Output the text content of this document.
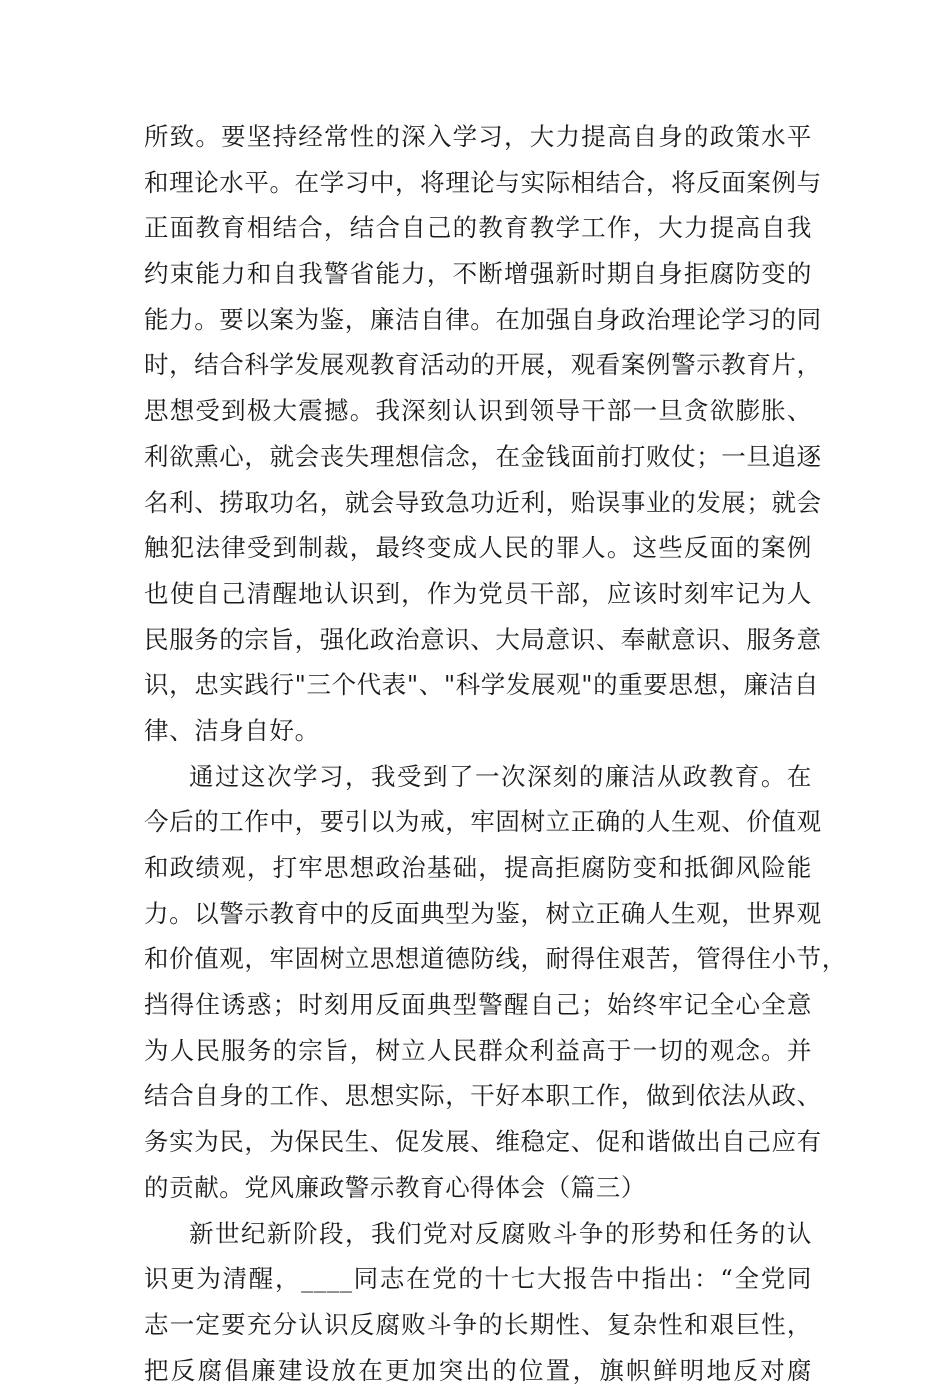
所致。要坚持经常性的深入学习，大力提高自身的政策水平
和理论水平。在学习中，将理论与实际相结合，将反面案例与
正面教育相结合，结合自己的教育教学工作，大力提高自我
约束能力和自我警省能力，不断增强新时期自身拒腐防变的
能力。要以案为鉴，廉洁自律。在加强自身政治理论学习的同
时，结合科学发展观教育活动的开展，观看案例警示教育片，
思想受到极大震撼。我深刻认识到领导干部一旦贪欲膨胀、
利欲熏心，就会丧失理想信念，在金钱面前打败仗；一旦追逐
名利、捞取功名，就会导致急功近利，贻误事业的发展；就会
触犯法律受到制裁，最终变成人民的罪人。这些反面的案例
也使自己清醒地认识到，作为党员干部，应该时刻牢记为人
民服务的宗旨，强化政治意识、大局意识、奉献意识、服务意
识，忠实践行"三个代表"、"科学发展观"的重要思想，廉洁自
律、洁身自好。
通过这次学习，我受到了一次深刻的廉洁从政教育。在
今后的工作中，要引以为戒，牢固树立正确的人生观、价值观
和政绩观，打牢思想政治基础，提高拒腐防变和抵御风险能
力。以警示教育中的反面典型为鉴，树立正确人生观，世界观
和价值观，牢固树立思想道德防线，耐得住艰苦，管得住小节，
挡得住诱惑；时刻用反面典型警醒自己；始终牢记全心全意
为人民服务的宗旨，树立人民群众利益高于一切的观念。并
结合自身的工作、思想实际，干好本职工作，做到依法从政、
务实为民，为保民生、促发展、维稳定、促和谐做出自己应有
的贡献。党风廉政警示教育心得体会（篇三）
新世纪新阶段，我们党对反腐败斗争的形势和任务的认
识更为清醒，____同志在党的十七大报告中指出：“全党同
志一定要充分认识反腐败斗争的长期性、复杂性和艰巨性，
把反腐倡廉建设放在更加突出的位置，旗帜鲜明地反对腐
